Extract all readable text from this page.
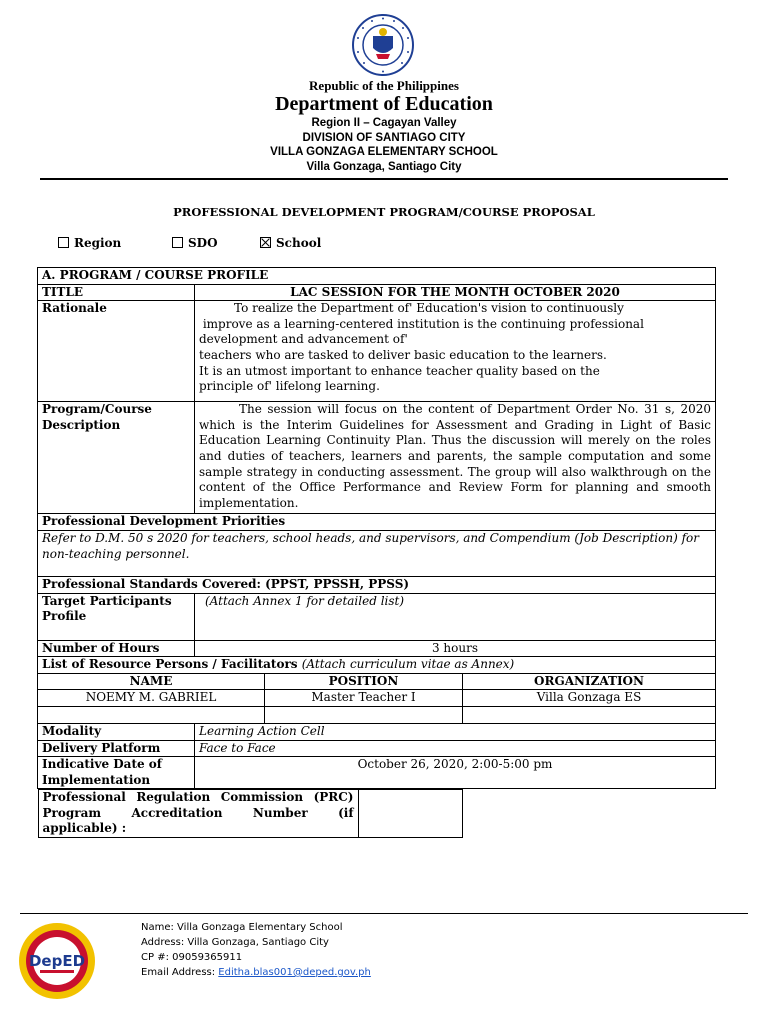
Republic of the Philippines
Department of Education
Region II – Cagayan Valley
DIVISION OF SANTIAGO CITY
VILLA GONZAGA ELEMENTARY SCHOOL
Villa Gonzaga, Santiago City
PROFESSIONAL DEVELOPMENT PROGRAM/COURSE PROPOSAL
Region	SDO	School
A. PROGRAM / COURSE PROFILE
TITLE	LAC SESSION FOR THE MONTH OCTOBER 2020
Rationale	To realize the Department of' Education's vision to continuously
improve as a learning-centered institution is the continuing professional
development and advancement of'
teachers who are tasked to deliver basic education to the learners.
It is an utmost important to enhance teacher quality based on the
principle of' lifelong learning.

Program/Course Description	The session will focus on the content of Department Order No. 31 s, 2020 which is the Interim Guidelines for Assessment and Grading in Light of Basic Education Learning Continuity Plan. Thus the discussion will merely on the roles and duties of teachers, learners and parents, the sample computation and some sample strategy in conducting assessment. The group will also walkthrough on the content of the Office Performance and Review Form for planning and smooth implementation.
Professional Development Priorities
Refer to D.M. 50 s 2020 for teachers, school heads, and supervisors, and Compendium (Job Description) for non-teaching personnel.
Professional Standards Covered: (PPST, PPSSH, PPSS)
Target Participants Profile	(Attach Annex 1 for detailed list)
Number of Hours	3 hours
List of Resource Persons / Facilitators (Attach curriculum vitae as Annex)
NAME	POSITION	ORGANIZATION
NOEMY M. GABRIEL	Master Teacher I	Villa Gonzaga ES

Modality	Learning Action Cell
Delivery Platform	Face to Face
Indicative Date of Implementation	October 26, 2020, 2:00-5:00 pm

Professional Regulation Commission (PRC) Program Accreditation Number (if applicable) :	

DepED
Name: Villa Gonzaga Elementary School
Address: Villa Gonzaga, Santiago City
CP #: 09059365911
Email Address: Editha.blas001@deped.gov.ph
